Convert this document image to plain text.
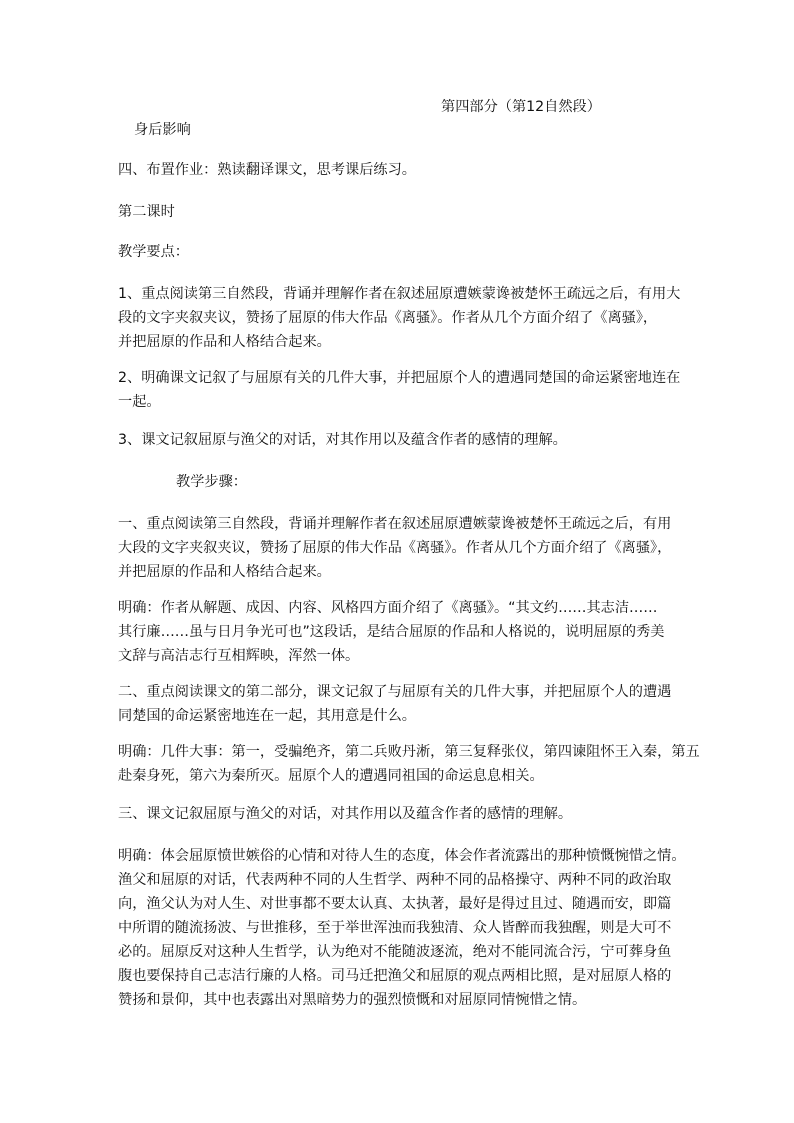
第四部分（第12自然段）
身后影响
四、布置作业：熟读翻译课文，思考课后练习。
第二课时
教学要点：
1、重点阅读第三自然段，背诵并理解作者在叙述屈原遭嫉蒙谗被楚怀王疏远之后，有用大
段的文字夹叙夹议，赞扬了屈原的伟大作品《离骚》。作者从几个方面介绍了《离骚》，
并把屈原的作品和人格结合起来。
2、明确课文记叙了与屈原有关的几件大事，并把屈原个人的遭遇同楚国的命运紧密地连在
一起。
3、课文记叙屈原与渔父的对话，对其作用以及蕴含作者的感情的理解。
教学步骤：
一、重点阅读第三自然段，背诵并理解作者在叙述屈原遭嫉蒙谗被楚怀王疏远之后，有用
大段的文字夹叙夹议，赞扬了屈原的伟大作品《离骚》。作者从几个方面介绍了《离骚》，
并把屈原的作品和人格结合起来。
明确：作者从解题、成因、内容、风格四方面介绍了《离骚》。“其文约……其志洁……
其行廉……虽与日月争光可也”这段话，是结合屈原的作品和人格说的，说明屈原的秀美
文辞与高洁志行互相辉映，浑然一体。
二、重点阅读课文的第二部分，课文记叙了与屈原有关的几件大事，并把屈原个人的遭遇
同楚国的命运紧密地连在一起，其用意是什么。
明确：几件大事：第一，受骗绝齐，第二兵败丹淅，第三复释张仪，第四谏阻怀王入秦，第五
赴秦身死，第六为秦所灭。屈原个人的遭遇同祖国的命运息息相关。
三、课文记叙屈原与渔父的对话，对其作用以及蕴含作者的感情的理解。
明确：体会屈原愤世嫉俗的心情和对待人生的态度，体会作者流露出的那种愤慨惋惜之情。
渔父和屈原的对话，代表两种不同的人生哲学、两种不同的品格操守、两种不同的政治取
向，渔父认为对人生、对世事都不要太认真、太执著，最好是得过且过、随遇而安，即篇
中所谓的随流扬波、与世推移，至于举世浑浊而我独清、众人皆醉而我独醒，则是大可不
必的。屈原反对这种人生哲学，认为绝对不能随波逐流，绝对不能同流合污，宁可葬身鱼
腹也要保持自己志洁行廉的人格。司马迁把渔父和屈原的观点两相比照，是对屈原人格的
赞扬和景仰，其中也表露出对黑暗势力的强烈愤慨和对屈原同情惋惜之情。
